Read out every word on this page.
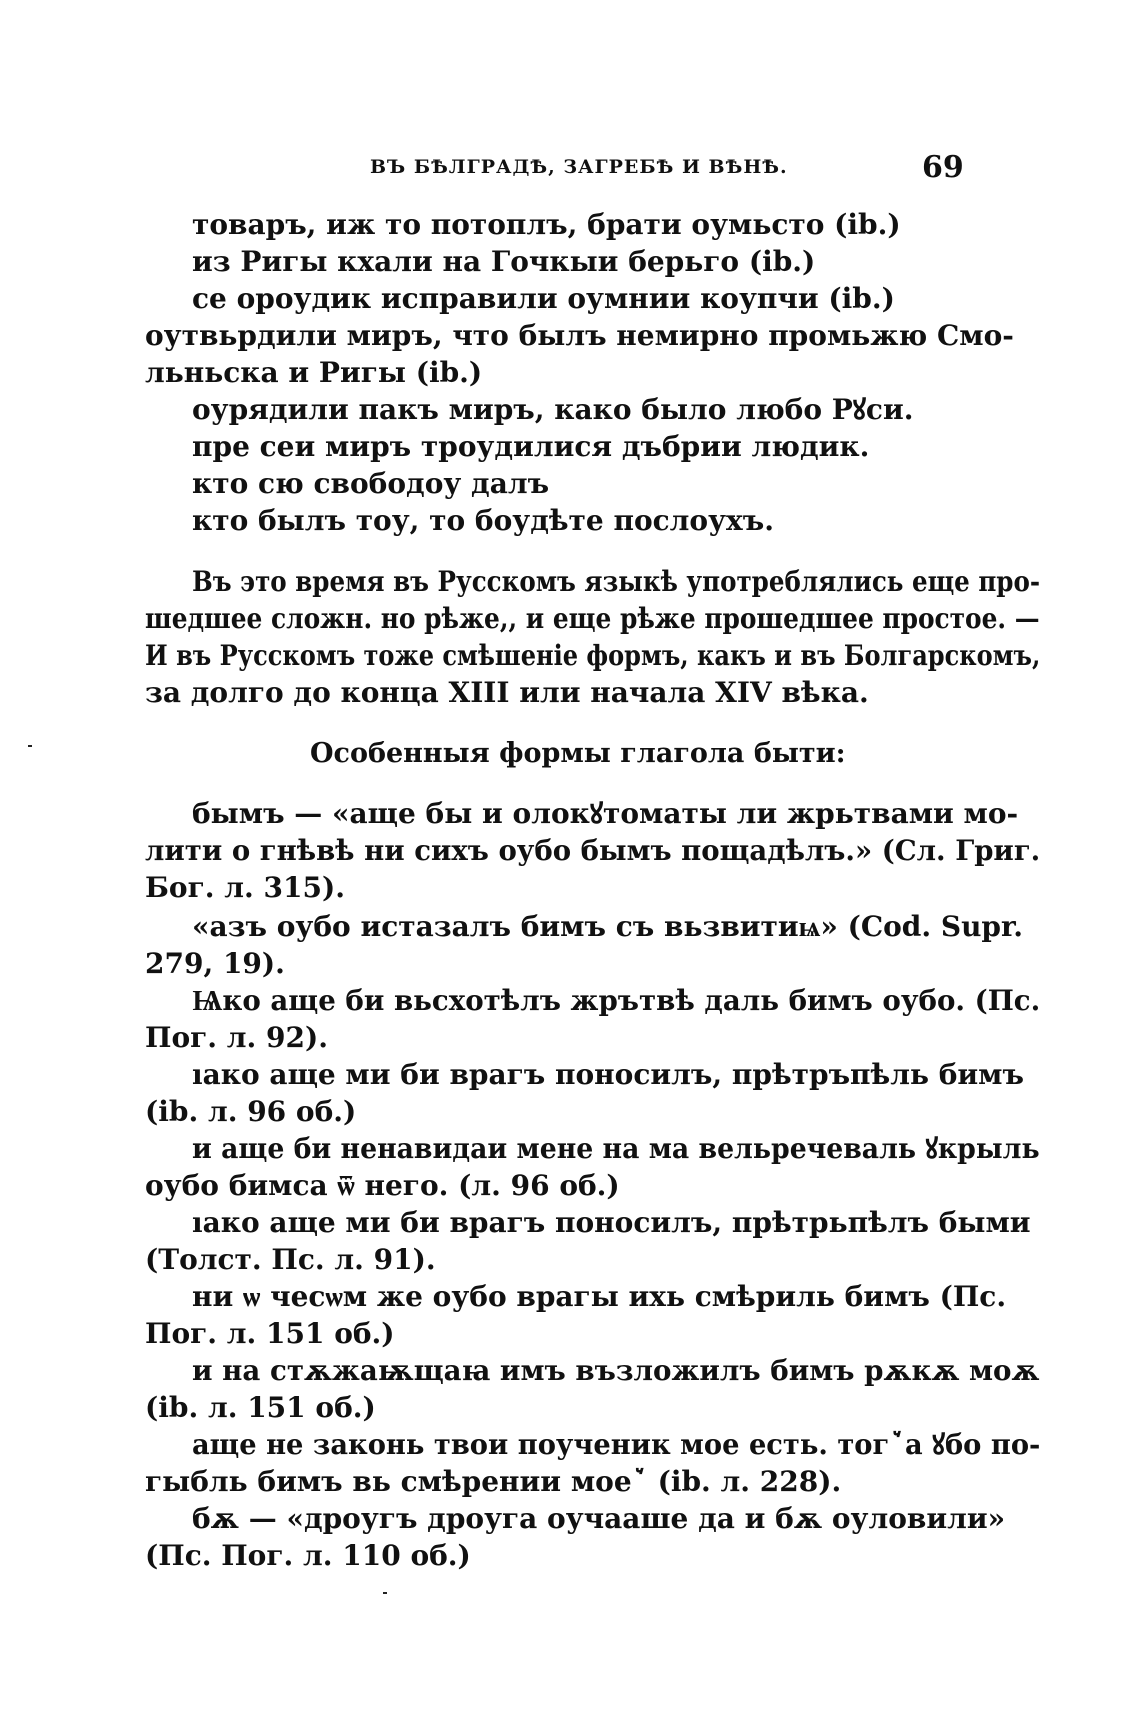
ВЪ БѢЛГРАДѢ, ЗАГРЕБѢ И ВѢНѢ.	69
товаръ, иж то потоплъ, брати оумьсто (ib.)
из Ригы кхали на Гочкыи берьго (ib.)
се ороудик исправили оумнии коупчи (ib.)
оутвьрдили миръ, что былъ немирно промьжю Смо-
льньска и Ригы (ib.)
оурядили пакъ миръ, како было любо Рꙋси.
пре сеи миръ троудилися дъбрии людик.
кто сю свободоу далъ
кто былъ тоу, то боудѣте послоухъ.
Въ это время въ Русскомъ языкѣ употреблялись еще про-
шедшее сложн. но рѣже,, и еще рѣже прошедшее простое. —
И въ Русскомъ тоже смѣшеніе формъ, какъ и въ Болгарскомъ,
за долго до конца XIII или начала XIV вѣка.
Особенныя формы глагола быти:
бымъ — «аще бы и олокꙋтоматы ли жрьтвами мо-
лити о гнѣвѣ ни сихъ оубо бымъ пощадѣлъ.» (Сл. Григ.
Бог. л. 315).
«азъ оубо истазалъ бимъ съ вьзвитиѩ» (Cod. Supr.
279, 19).
Ѩко аще би вьсхотѣлъ жрътвѣ даль бимъ оубо. (Пс.
Пог. л. 92).
ıако аще ми би врагъ поносилъ, прѣтръпѣль бимъ
(ib. л. 96 об.)
и аще би ненавидаи мене на ма вельречеваль ꙋкрыль
оубо бимса ѿ него. (л. 96 об.)
ıако аще ми би врагъ поносилъ, прѣтрьпѣлъ быми
(Толст. Пс. л. 91).
ни ѡ чесѡм же оубо врагы ихь смѣриль бимъ (Пс.
Пог. л. 151 об.)
и на стѫжаѭщаꙗ имъ възложилъ бимъ рѫкѫ моѫ
(ib. л. 151 об.)
аще не законь твои поученик мое есть. тогꙿа ꙋбо по-
гыбль бимъ вь смѣрении моеꙿ (ib. л. 228).
бѫ — «дроугъ дроуга оучааше да и бѫ оуловили»
(Пс. Пог. л. 110 об.)
